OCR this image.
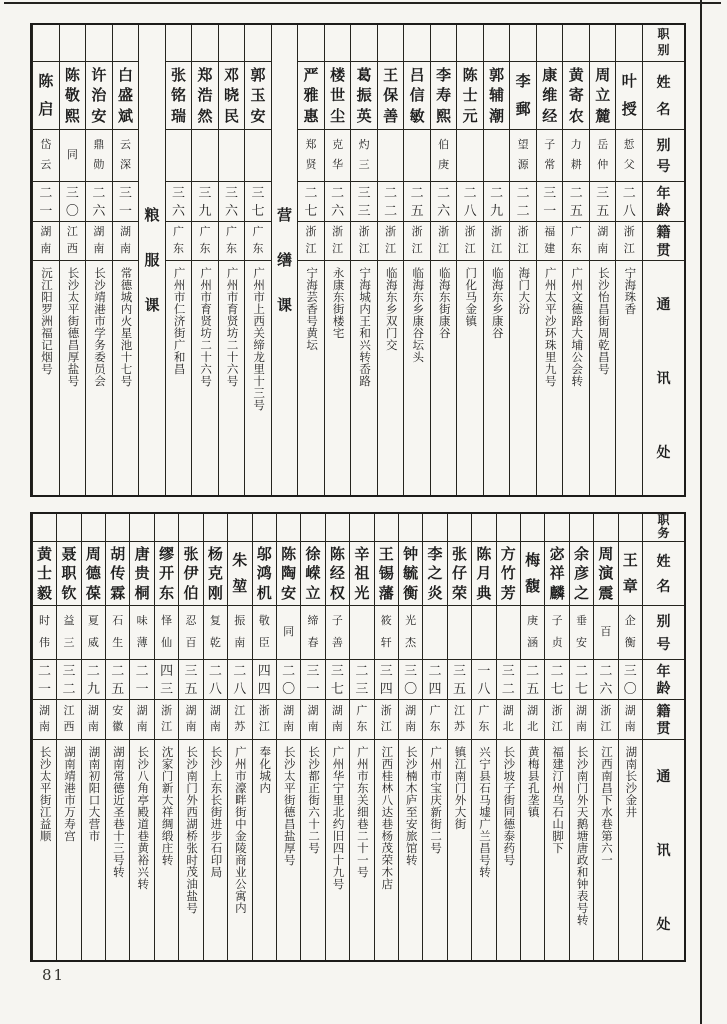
职
别
姓
名
别
号
年
龄
籍
贯
通
讯
处
叶
授
悊
父
二
八
浙
江
宁海珠香
周
立
麓
岳
仲
三
五
湖
南
长沙怡昌街周乾昌号
黄
寄
农
力
耕
二
五
广
东
广州文德路大埔公会转
康
维
经
子
常
三
一
福
建
广州太平沙环珠里九号
李
郵
望
源
二
二
浙
江
海门大汾
郭
辅
潮
二
九
浙
江
临海东乡康谷
陈
士
元
二
八
浙
江
门化马金镇
李
寿
熙
伯
庚
二
六
浙
江
临海东街康谷
吕
信
敏
二
五
浙
江
临海东乡康谷坛头
王
保
善
二
二
浙
江
临海东乡双门交
葛
振
英
灼
三
三
三
浙
江
宁海城内王和兴转岙路
楼
世
尘
克
华
二
六
浙
江
永康东街楼宅
严
雅
惠
郑
贤
二
七
浙
江
宁海芸香号黄坛
营
缮
课
郭
玉
安
三
七
广
东
广州市上西关缔龙里十三号
邓
晓
民
三
六
广
东
广州市育贤坊二十六号
郑
浩
然
三
九
广
东
广州市育贤坊二十六号
张
铭
瑞
三
六
广
东
广州市仁济街广和昌
粮
服
课
白
盛
斌
云
深
三
一
湖
南
常德城内火星池十七号
许
治
安
鼎
勋
二
六
湖
南
长沙靖港市学务委员会
陈
敬
熙
同
三
〇
江
西
长沙太平街德昌厚盐号
陈
启
岱
云
二
一
湖
南
沅江阳罗洲福记烟号
职
务
姓
名
别
号
年
龄
籍
贯
通
讯
处
王
章
企
衡
三
〇
湖
南
湖南长沙金井
周
演
震
百
二
六
浙
江
江西南昌下水巷第六一
余
彦
之
垂
安
二
七
湖
南
长沙南门外天鹅塘唐政和钟表号转
宓
祥
麟
子
贞
二
七
浙
江
福建汀州乌石山脚下
梅
馥
庚
涵
二
五
湖
北
黄梅县孔垄镇
方
竹
芳
三
二
湖
北
长沙坡子街同德泰药号
陈
月
典
一
八
广
东
兴宁县石马墟广兰昌号转
张
仔
荣
三
五
江
苏
镇江南门外大街
李
之
炎
二
四
广
东
广州市宝庆新街二号
钟
毓
衡
光
杰
三
〇
湖
南
长沙楠木庐至安旅馆转
王
锡
藩
筱
轩
三
四
浙
江
江西桂林八达巷杨茂荣木店
辛
祖
光
二
三
广
东
广州市东关细巷二十一号
陈
经
权
子
善
三
七
湖
南
广州华宁里北约旧四十九号
徐
嵘
立
缔
春
三
一
湖
南
长沙都正街六十二号
陈
陶
安
同
二
〇
湖
南
长沙太平街德昌盐厚号
邬
鸿
机
敬
臣
四
四
浙
江
奉化城内
朱
堃
振
南
二
八
江
苏
广州市濠畔街中金陵商业公寓内
杨
克
刚
复
乾
二
八
湖
南
长沙上东长街进步石印局
张
伊
伯
忍
百
三
五
湖
南
长沙南门外西湖桥张时茂油盐号
缪
开
东
怿
仙
四
三
浙
江
沈家门新大祥绸缎庄转
唐
贵
桐
味
薄
二
一
湖
南
长沙八角亭殿道巷黄裕兴转
胡
传
霖
石
生
二
五
安
徽
湖南常德近圣巷十三号转
周
德
葆
夏
威
二
九
湖
南
湖南初阳口大营市
聂
职
钦
益
三
三
二
江
西
湖南靖港市万寿宫
黄
士
毅
时
伟
二
一
湖
南
长沙太平街江益顺
81
